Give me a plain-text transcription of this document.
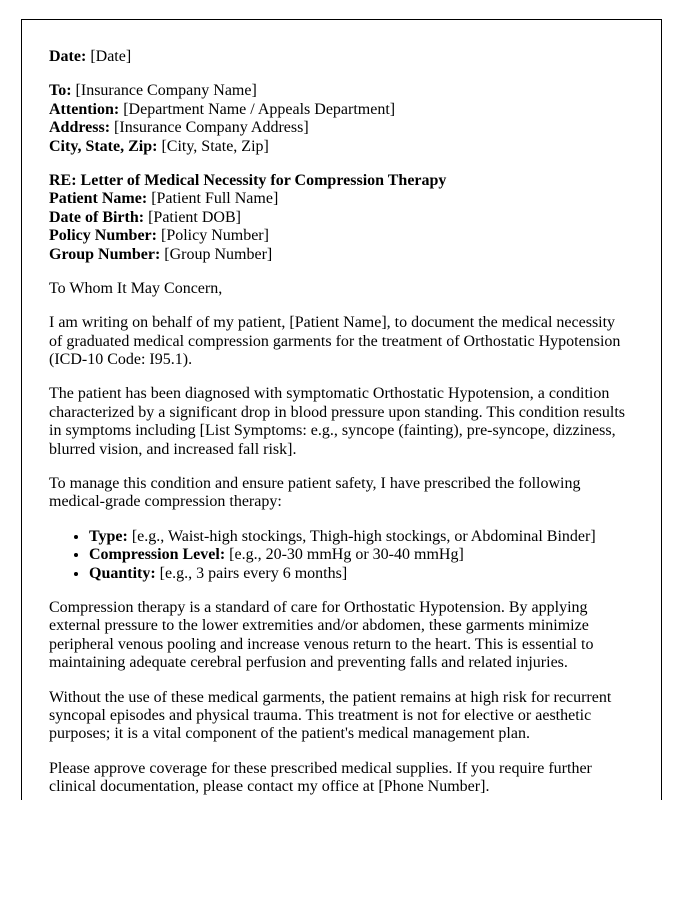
Date: [Date]

To: [Insurance Company Name]
Attention: [Department Name / Appeals Department]
Address: [Insurance Company Address]
City, State, Zip: [City, State, Zip]
RE: Letter of Medical Necessity for Compression Therapy
Patient Name: [Patient Full Name]
Date of Birth: [Patient DOB]
Policy Number: [Policy Number]
Group Number: [Group Number]

To Whom It May Concern,

I am writing on behalf of my patient, [Patient Name], to document the medical necessity of graduated medical compression garments for the treatment of Orthostatic Hypotension (ICD-10 Code: I95.1).

The patient has been diagnosed with symptomatic Orthostatic Hypotension, a condition characterized by a significant drop in blood pressure upon standing. This condition results in symptoms including [List Symptoms: e.g., syncope (fainting), pre-syncope, dizziness, blurred vision, and increased fall risk].

To manage this condition and ensure patient safety, I have prescribed the following medical-grade compression therapy:

• Type: [e.g., Waist-high stockings, Thigh-high stockings, or Abdominal Binder]
• Compression Level: [e.g., 20-30 mmHg or 30-40 mmHg]
• Quantity: [e.g., 3 pairs every 6 months]

Compression therapy is a standard of care for Orthostatic Hypotension. By applying external pressure to the lower extremities and/or abdomen, these garments minimize peripheral venous pooling and increase venous return to the heart. This is essential to maintaining adequate cerebral perfusion and preventing falls and related injuries.

Without the use of these medical garments, the patient remains at high risk for recurrent syncopal episodes and physical trauma. This treatment is not for elective or aesthetic purposes; it is a vital component of the patient's medical management plan.

Please approve coverage for these prescribed medical supplies. If you require further clinical documentation, please contact my office at [Phone Number].
